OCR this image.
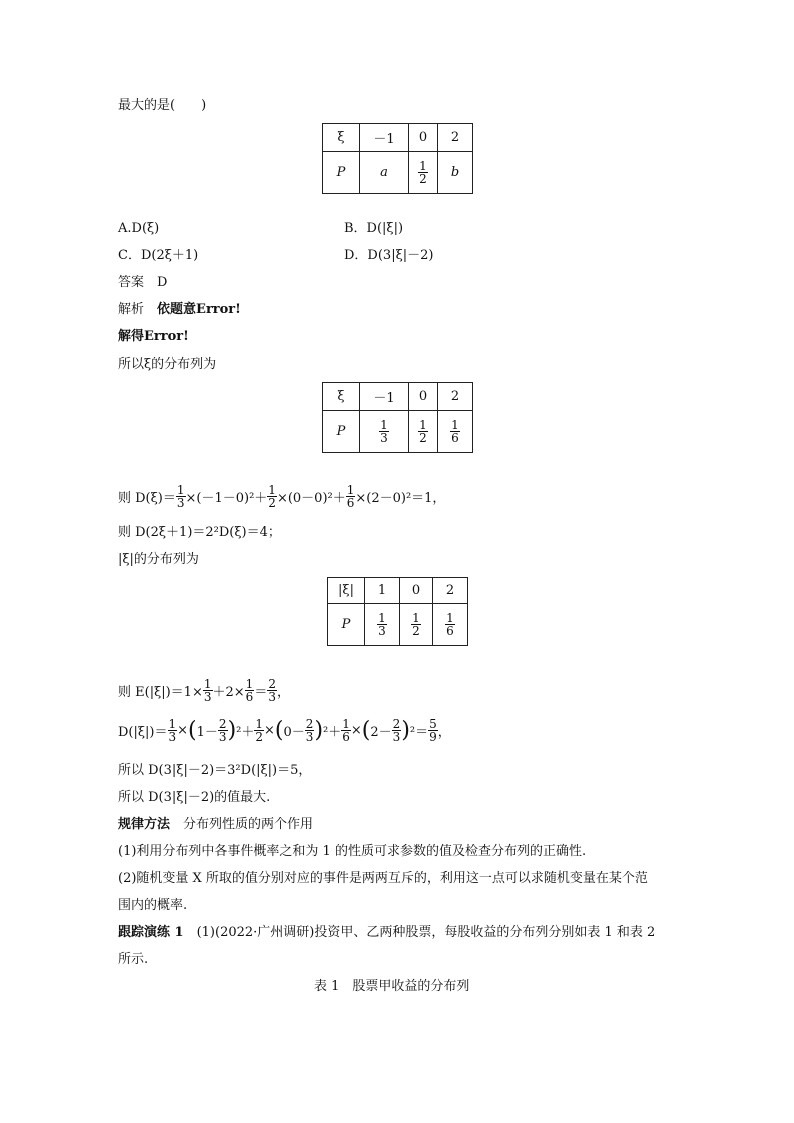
最大的是(　　)
ξ	－1	0	2
P	a	$\frac{1}{2}$	b
A.D(ξ)	B．D(|ξ|)
C．D(2ξ＋1)	D．D(3|ξ|－2)
答案　 D
解析　 依题意Error!
解得Error!
所以ξ的分布列为
ξ	－1	0	2
P	$\frac{1}{3}$	$\frac{1}{2}$	$\frac{1}{6}$
则 $D(\xi)= \frac{1}{3} \times(-1-0)^2+ \frac{1}{2} \times(0-0)^2+ \frac{1}{6} \times(2-0)^2=1$，
则 D(2ξ＋1)＝2²D(ξ)＝4；
|ξ|的分布列为
|ξ|	1	0	2
P	$\frac{1}{3}$	$\frac{1}{2}$	$\frac{1}{6}$
则 $E(|\xi|)=1\times \frac{1}{3} +2\times \frac{1}{6} = \frac{2}{3}$ ，
$D(|\xi|)= \frac{1}{3}$ × ( $1- \frac{2}{3}$ ) $^2+ \frac{1}{2}$ × ( $0- \frac{2}{3}$ ) $^2+ \frac{1}{6}$ × ( $2- \frac{2}{3}$ ) $^2= \frac{5}{9}$ ，
所以 D(3|ξ|－2)＝3²D(|ξ|)＝5，
所以 D(3|ξ|－2)的值最大.
规律方法　 分布列性质的两个作用
(1)利用分布列中各事件概率之和为 1 的性质可求参数的值及检查分布列的正确性.
(2)随机变量 X 所取的值分别对应的事件是两两互斥的，利用这一点可以求随机变量在某个范
围内的概率.
跟踪演练 1　 (1)(2022·广州调研)投资甲、乙两种股票，每股收益的分布列分别如表 1 和表 2
所示.
表 1　股票甲收益的分布列
